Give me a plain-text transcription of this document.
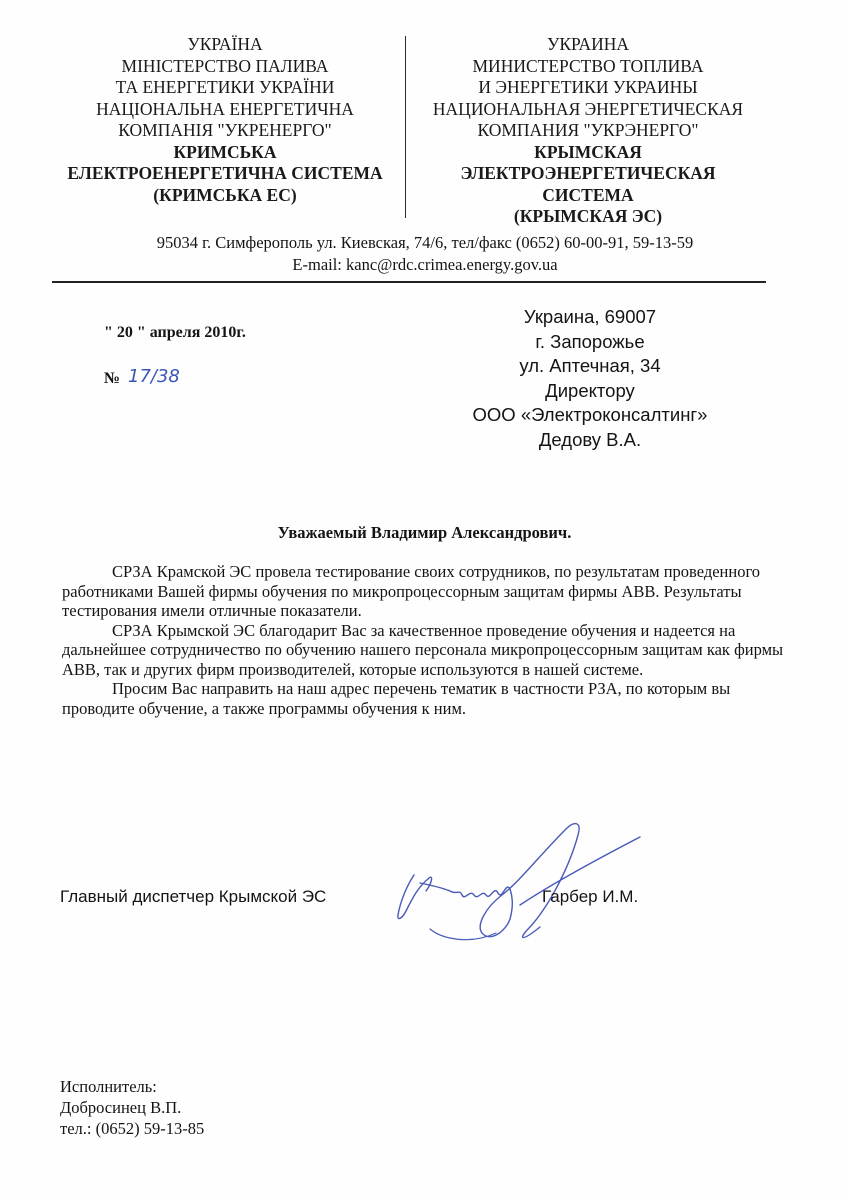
УКРАЇНА
МІНІСТЕРСТВО ПАЛИВА
ТА ЕНЕРГЕТИКИ УКРАЇНИ
НАЦІОНАЛЬНА ЕНЕРГЕТИЧНА
КОМПАНІЯ "УКРЕНЕРГО"
КРИМСЬКА
ЕЛЕКТРОЕНЕРГЕТИЧНА СИСТЕМА
(КРИМСЬКА ЕС)
УКРАИНА
МИНИСТЕРСТВО ТОПЛИВА
И ЭНЕРГЕТИКИ УКРАИНЫ
НАЦИОНАЛЬНАЯ ЭНЕРГЕТИЧЕСКАЯ
КОМПАНИЯ "УКРЭНЕРГО"
КРЫМСКАЯ
ЭЛЕКТРОЭНЕРГЕТИЧЕСКАЯ
СИСТЕМА
(КРЫМСКАЯ ЭС)
95034 г. Симферополь ул. Киевская, 74/6, тел/факс (0652) 60-00-91, 59-13-59
E-mail: kanc@rdc.crimea.energy.gov.ua
" 20 " апреля 2010г.
№ 17/38
Украина, 69007
г. Запорожье
ул. Аптечная, 34
Директору
ООО «Электроконсалтинг»
Дедову В.А.
Уважаемый Владимир Александрович.

СРЗА Крамской ЭС провела тестирование своих сотрудников, по результатам проведенного работниками Вашей фирмы обучения по микропроцессорным защитам фирмы АВВ. Результаты тестирования имели отличные показатели.

СРЗА Крымской ЭС благодарит Вас за качественное проведение обучения и надеется на дальнейшее сотрудничество по обучению нашего персонала микропроцессорным защитам как фирмы АВВ, так и других фирм производителей, которые используются в нашей системе.

Просим Вас направить на наш адрес перечень тематик в частности РЗА, по которым вы проводите обучение, а также программы обучения к ним.

Главный диспетчер Крымской ЭС	Гарбер И.М.
Исполнитель:
Добросинец В.П.
тел.: (0652) 59-13-85
